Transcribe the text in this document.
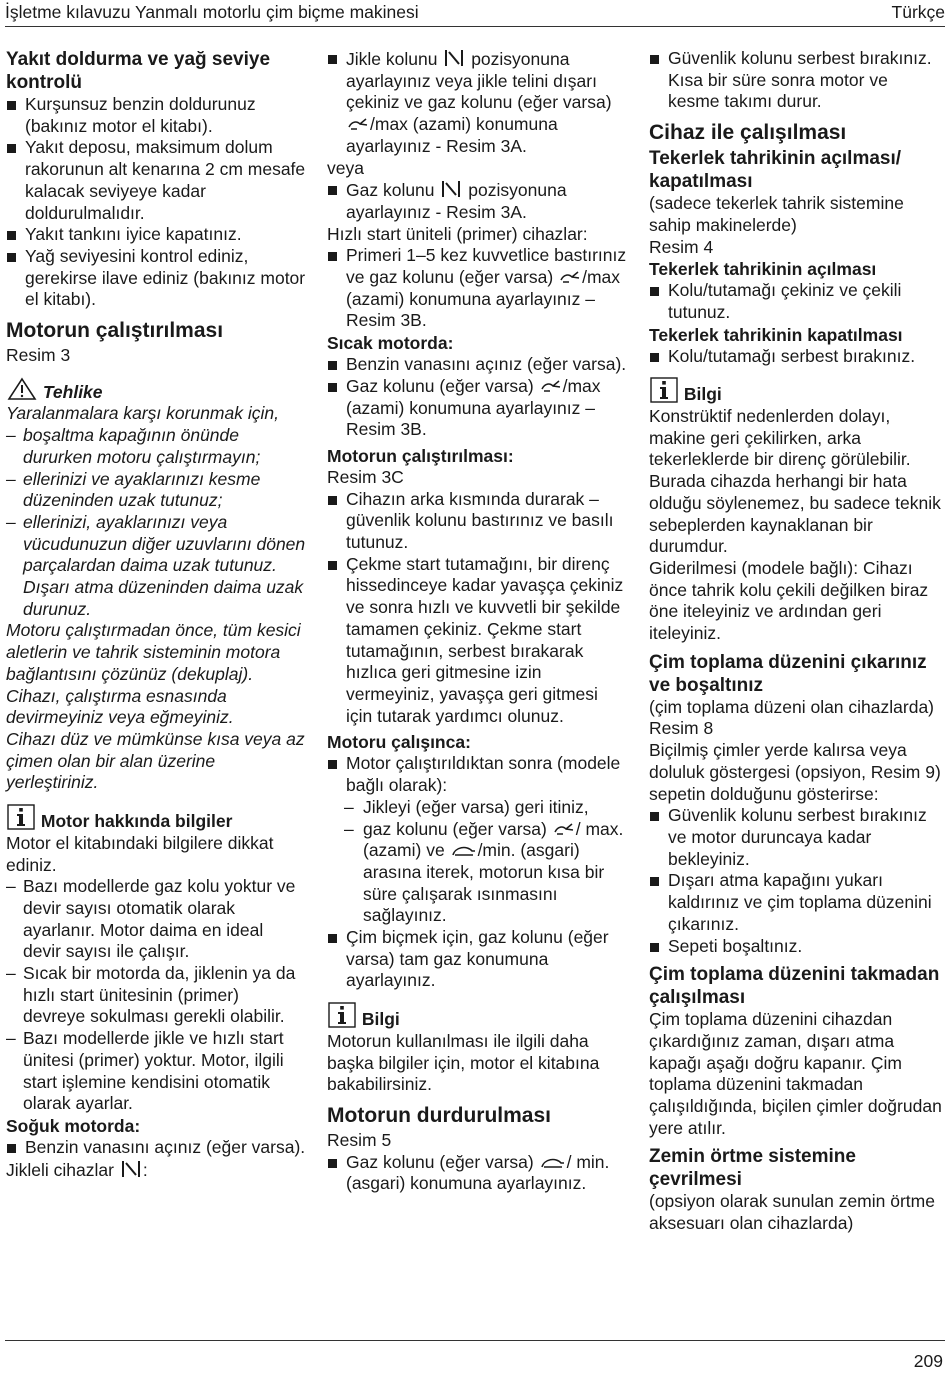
İşletme kılavuzu Yanmalı motorlu çim biçme makinesi	Türkçe

Yakıt doldurma ve yağ seviye kontrolü

Kurşunsuz benzin doldurunuz (bakınız motor el kitabı).

Yakıt deposu, maksimum dolum rakorunun alt kenarına 2 cm mesafe kalacak seviyeye kadar doldurulmalıdır.

Yakıt tankını iyice kapatınız.

Yağ seviyesini kontrol ediniz, gerekirse ilave ediniz (bakınız motor el kitabı).

Motorun çalıştırılması

Resim 3

Tehlike

Yaralanmalara karşı korunmak için,

– boşaltma kapağının önünde dururken motoru çalıştırmayın;

– ellerinizi ve ayaklarınızı kesme düzeninden uzak tutunuz;

– ellerinizi, ayaklarınızı veya vücudunuzun diğer uzuvlarını dönen parçalardan daima uzak tutunuz. Dışarı atma düzeninden daima uzak durunuz.

Motoru çalıştırmadan önce, tüm kesici aletlerin ve tahrik sisteminin motora bağlantısını çözünüz (dekuplaj).

Cihazı, çalıştırma esnasında devirmeyiniz veya eğmeyiniz.

Cihazı düz ve mümkünse kısa veya az çimen olan bir alan üzerine yerleştiriniz.

Motor hakkında bilgiler

Motor el kitabındaki bilgilere dikkat ediniz.

– Bazı modellerde gaz kolu yoktur ve devir sayısı otomatik olarak ayarlanır. Motor daima en ideal devir sayısı ile çalışır.

– Sıcak bir motorda da, jiklenin ya da hızlı start ünitesinin (primer) devreye sokulması gerekli olabilir.

– Bazı modellerde jikle ve hızlı start ünitesi (primer) yoktur. Motor, ilgili start işlemine kendisini otomatik olarak ayarlar.

Soğuk motorda:

Benzin vanasını açınız (eğer varsa).

Jikleli cihazlar :

Jikle kolunu pozisyonuna ayarlayınız veya jikle telini dışarı çekiniz ve gaz kolunu (eğer varsa) /max (azami) konumuna ayarlayınız - Resim 3A.

veya

Gaz kolunu pozisyonuna ayarlayınız - Resim 3A.

Hızlı start üniteli (primer) cihazlar:

Primeri 1–5 kez kuvvetlice bastırınız ve gaz kolunu (eğer varsa) /max (azami) konumuna ayarlayınız – Resim 3B.

Sıcak motorda:

Benzin vanasını açınız (eğer varsa).

Gaz kolunu (eğer varsa) /max (azami) konumuna ayarlayınız – Resim 3B.

Motorun çalıştırılması:

Resim 3C

Cihazın arka kısmında durarak – güvenlik kolunu bastırınız ve basılı tutunuz.

Çekme start tutamağını, bir direnç hissedinceye kadar yavaşça çekiniz ve sonra hızlı ve kuvvetli bir şekilde tamamen çekiniz. Çekme start tutamağının, serbest bırakarak hızlıca geri gitmesine izin vermeyiniz, yavaşça geri gitmesi için tutarak yardımcı olunuz.

Motoru çalışınca:

Motor çalıştırıldıktan sonra (modele bağlı olarak):

– Jikleyi (eğer varsa) geri itiniz,

– gaz kolunu (eğer varsa) / max. (azami) ve /min. (asgari) arasına iterek, motorun kısa bir süre çalışarak ısınmasını sağlayınız.

Çim biçmek için, gaz kolunu (eğer varsa) tam gaz konumuna ayarlayınız.

Bilgi

Motorun kullanılması ile ilgili daha başka bilgiler için, motor el kitabına bakabilirsiniz.

Motorun durdurulması

Resim 5

Gaz kolunu (eğer varsa) / min. (asgari) konumuna ayarlayınız.

Güvenlik kolunu serbest bırakınız. Kısa bir süre sonra motor ve kesme takımı durur.

Cihaz ile çalışılması

Tekerlek tahrikinin açılması/ kapatılması

(sadece tekerlek tahrik sistemine sahip makinelerde)

Resim 4

Tekerlek tahrikinin açılması

Kolu/tutamağı çekiniz ve çekili tutunuz.

Tekerlek tahrikinin kapatılması

Kolu/tutamağı serbest bırakınız.

Bilgi

Konstrüktif nedenlerden dolayı, makine geri çekilirken, arka tekerleklerde bir direnç görülebilir. Burada cihazda herhangi bir hata olduğu söylenemez, bu sadece teknik sebeplerden kaynaklanan bir durumdur.

Giderilmesi (modele bağlı): Cihazı önce tahrik kolu çekili değilken biraz öne iteleyiniz ve ardından geri iteleyiniz.

Çim toplama düzenini çıkarınız ve boşaltınız

(çim toplama düzeni olan cihazlarda)

Resim 8

Biçilmiş çimler yerde kalırsa veya doluluk göstergesi (opsiyon, Resim 9) sepetin dolduğunu gösterirse:

Güvenlik kolunu serbest bırakınız ve motor duruncaya kadar bekleyiniz.

Dışarı atma kapağını yukarı kaldırınız ve çim toplama düzenini çıkarınız.

Sepeti boşaltınız.

Çim toplama düzenini takmadan çalışılması

Çim toplama düzenini cihazdan çıkardığınız zaman, dışarı atma kapağı aşağı doğru kapanır. Çim toplama düzenini takmadan çalışıldığında, biçilen çimler doğrudan yere atılır.

Zemin örtme sistemine çevrilmesi

(opsiyon olarak sunulan zemin örtme aksesuarı olan cihazlarda)

209
